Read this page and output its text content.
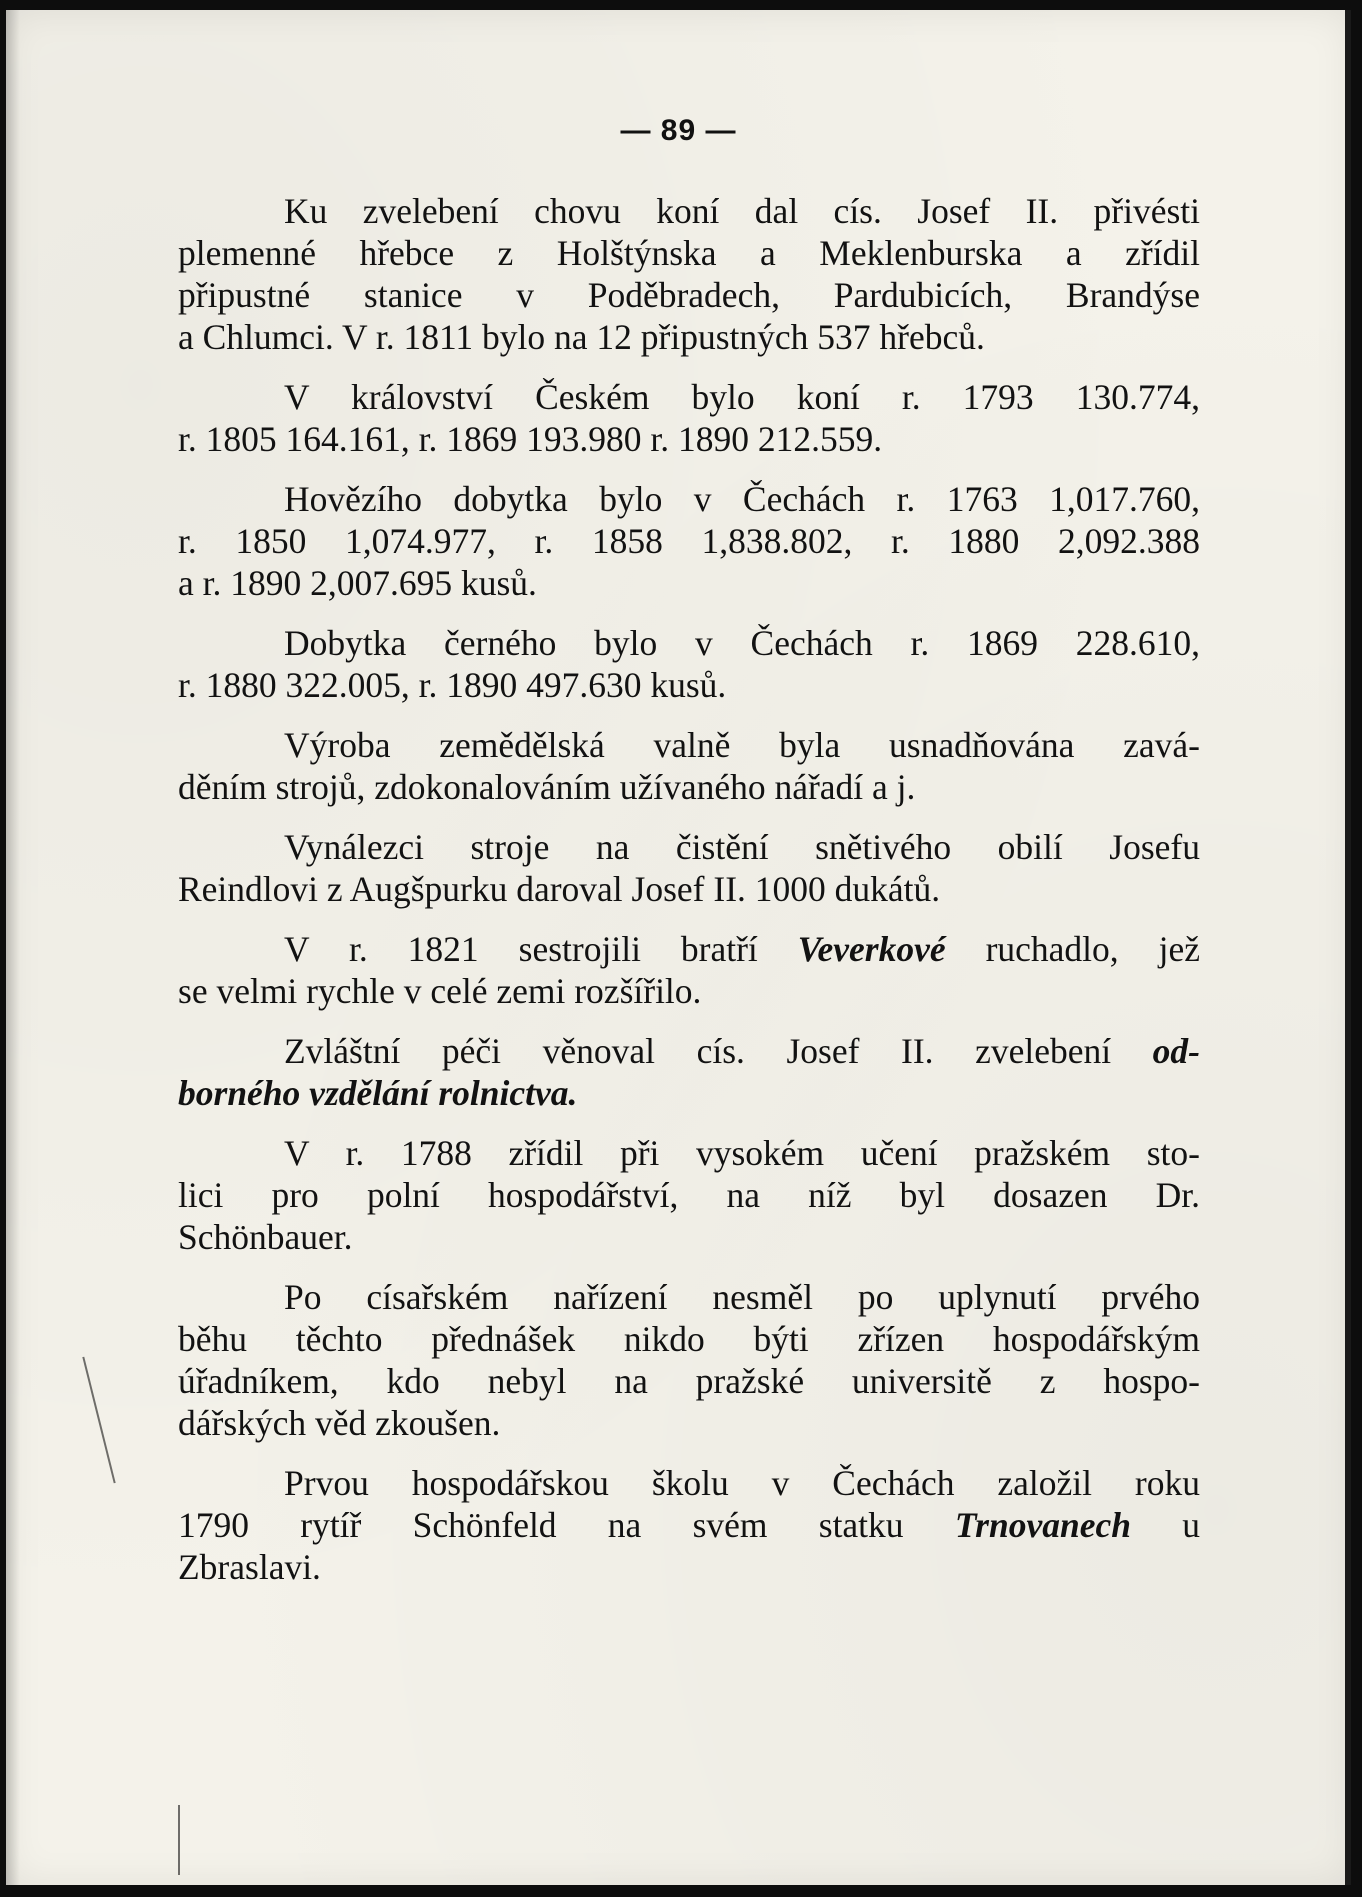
— 89 —

Ku zvelebení chovu koní dal cís. Josef II. přivésti
plemenné hřebce z Holštýnska a Meklenburska a zřídil
připustné stanice v Poděbradech, Pardubicích, Brandýse
a Chlumci. V r. 1811 bylo na 12 připustných 537 hřebců.

V království Českém bylo koní r. 1793 130.774,
r. 1805 164.161, r. 1869 193.980 r. 1890 212.559.

Hovězího dobytka bylo v Čechách r. 1763 1,017.760,
r. 1850 1,074.977, r. 1858 1,838.802, r. 1880 2,092.388
a r. 1890 2,007.695 kusů.

Dobytka černého bylo v Čechách r. 1869 228.610,
r. 1880 322.005, r. 1890 497.630 kusů.

Výroba zemědělská valně byla usnadňována zavá-
děním strojů, zdokonalováním užívaného nářadí a j.

Vynálezci stroje na čistění snětivého obilí Josefu
Reindlovi z Augšpurku daroval Josef II. 1000 dukátů.

V r. 1821 sestrojili bratří Veverkové ruchadlo, jež
se velmi rychle v celé zemi rozšířilo.

Zvláštní péči věnoval cís. Josef II. zvelebení od-
borného vzdělání rolnictva.

V r. 1788 zřídil při vysokém učení pražském sto-
lici pro polní hospodářství, na níž byl dosazen Dr.
Schönbauer.

Po císařském nařízení nesměl po uplynutí prvého
běhu těchto přednášek nikdo býti zřízen hospodářským
úřadníkem, kdo nebyl na pražské universitě z hospo-
dářských věd zkoušen.

Prvou hospodářskou školu v Čechách založil roku
1790 rytíř Schönfeld na svém statku Trnovanech u
Zbraslavi.
